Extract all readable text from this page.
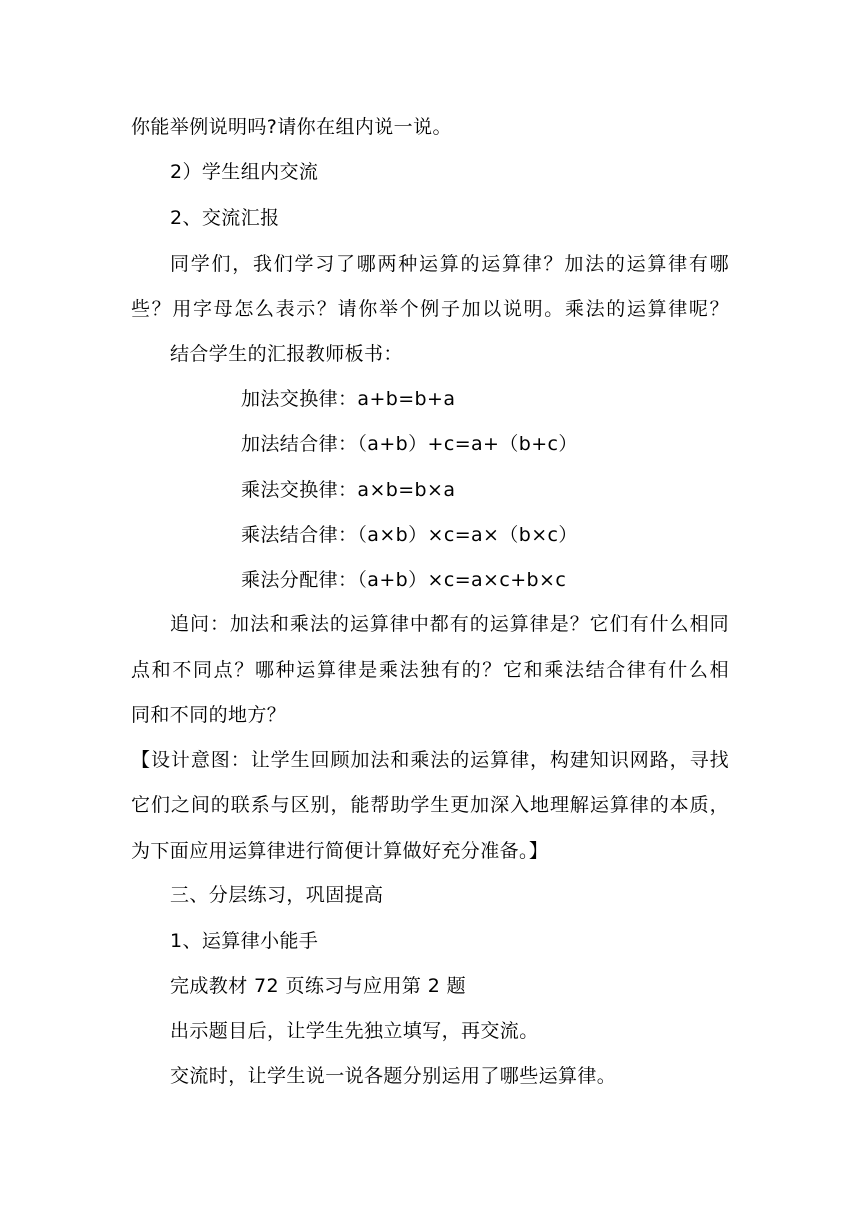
你能举例说明吗?请你在组内说一说。
2）学生组内交流
2、交流汇报
同学们，我们学习了哪两种运算的运算律？加法的运算律有哪
些？用字母怎么表示？请你举个例子加以说明。乘法的运算律呢？
结合学生的汇报教师板书：
加法交换律：a+b=b+a
加法结合律：（a+b）+c=a+（b+c）
乘法交换律：a×b=b×a
乘法结合律：（a×b）×c=a×（b×c）
乘法分配律：（a+b）×c=a×c+b×c
追问：加法和乘法的运算律中都有的运算律是？它们有什么相同
点和不同点？哪种运算律是乘法独有的？它和乘法结合律有什么相
同和不同的地方？
【设计意图：让学生回顾加法和乘法的运算律，构建知识网路，寻找
它们之间的联系与区别，能帮助学生更加深入地理解运算律的本质，
为下面应用运算律进行简便计算做好充分准备。】
三、分层练习，巩固提高
1、运算律小能手
完成教材 72 页练习与应用第 2 题
出示题目后，让学生先独立填写，再交流。
交流时，让学生说一说各题分别运用了哪些运算律。
